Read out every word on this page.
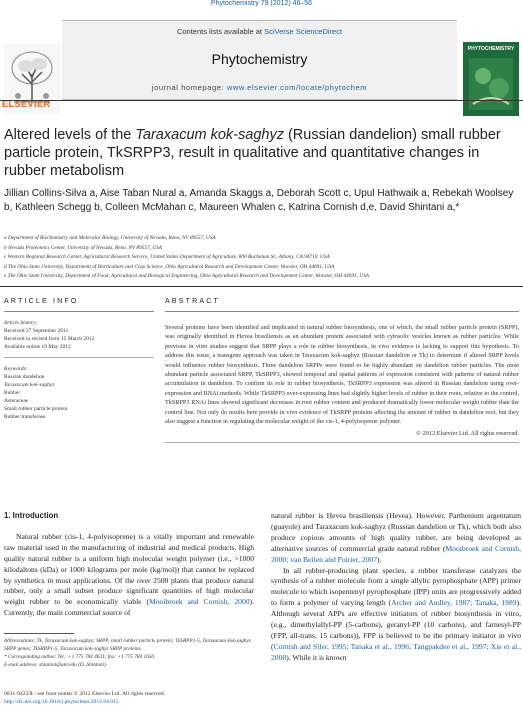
Phytochemistry 79 (2012) 46–56
ELSEVIER
Contents lists available at SciVerse ScienceDirect
Phytochemistry
journal homepage: www.elsevier.com/locate/phytochem
PHYTOCHEMISTRY
Altered levels of the Taraxacum kok-saghyz (Russian dandelion) small rubber particle protein, TkSRPP3, result in qualitative and quantitative changes in rubber metabolism
Jillian Collins-Silva a, Aise Taban Nural a, Amanda Skaggs a, Deborah Scott c, Upul Hathwaik a, Rebekah Woolsey b, Kathleen Schegg b, Colleen McMahan c, Maureen Whalen c, Katrina Cornish d,e, David Shintani a,*
a Department of Biochemistry and Molecular Biology, University of Nevada, Reno, NV 89557, USA
b Nevada Proteomics Center, University of Nevada, Reno, NV 89557, USA
c Western Regional Research Center, Agricultural Research Service, United States Department of Agriculture, 800 Buchanan St., Albany, CA 94710, USA
d The Ohio State University, Department of Horticulture and Crop Science, Ohio Agricultural Research and Development Center, Wooster, OH 44691, USA
e The Ohio State University, Department of Food, Agricultural and Biological Engineering, Ohio Agricultural Research and Development Center, Wooster, OH 44691, USA
ARTICLE INFO
Article history:
Received 27 September 2011
Received in revised form 15 March 2012
Available online 19 May 2012
Keywords:
Russian dandelion
Taraxacum kok-saghyz
Rubber
Asteraceae
Small rubber particle protein
Rubber transferase
ABSTRACT
Several proteins have been identified and implicated in natural rubber biosynthesis, one of which, the small rubber particle protein (SRPP), was originally identified in Hevea brasiliensis as an abundant protein associated with cytosolic vesicles known as rubber particles. While previous in vitro studies suggest that SRPP plays a role in rubber biosynthesis, in vivo evidence is lacking to support this hypothesis. To address this issue, a transgene approach was taken in Taraxacum kok-saghyz (Russian dandelion or Tk) to determine if altered SRPP levels would influence rubber biosynthesis. Three dandelion SRPPs were found to be highly abundant on dandelion rubber particles. The most abundant particle associated SRPP, TkSRPP3, showed temporal and spatial patterns of expression consistent with patterns of natural rubber accumulation in dandelion. To confirm its role in rubber biosynthesis, TkSRPP3 expression was altered in Russian dandelion using over-expression and RNAi methods. While TkSRPP3 over-expressing lines had slightly higher levels of rubber in their roots, relative to the control, TkSRPP3 RNAi lines showed significant decreases in root rubber content and produced dramatically lower molecular weight rubber than the control line. Not only do results here provide in vivo evidence of TkSRPP proteins affecting the amount of rubber in dandelion root, but they also suggest a function in regulating the molecular weight of the cis-1, 4-polyisoprene polymer.
© 2012 Elsevier Ltd. All rights reserved.
1. Introduction

Natural rubber (cis-1, 4-polyisoprene) is a vitally important and renewable raw material used in the manufacturing of industrial and medical products. High quality natural rubber is a uniform high molecular weight polymer (i.e., >1000 kilodaltons (kDa) or 1000 kilograms per mole (kg/mol)) that cannot be replaced by synthetics in most applications. Of the over 2500 plants that produce natural rubber, only a small subset produce significant quantities of high molecular weight rubber to be economically viable (Mooibroek and Cornish, 2000). Currently, the main commercial source of

natural rubber is Hevea brasiliensis (Hevea). However, Parthenium argentatum (guayule) and Taraxacum kok-saghyz (Russian dandelion or Tk), which both also produce copious amounts of high quality rubber, are being developed as alternative sources of commercial grade natural rubber (Mooibroek and Cornish, 2000; van Beilen and Poirier, 2007).

In all rubber-producing plant species, a rubber transferase catalyzes the synthesis of a rubber molecule from a single allylic pyrophosphate (APP) primer molecule to which isopentenyl pyrophosphate (IPP) units are progressively added to form a polymer of varying length (Archer and Audley, 1987; Tanaka, 1989). Although several APPs are effective initiators of rubber biosynthesis in vitro, (e.g., dimethylallyl-PP (5-carbons), geranyl-PP (10 carbons), and farnesyl-PP (FPP, all-trans, 15 carbons)), FPP is believed to be the primary initiator in vivo (Cornish and Siler, 1995; Tanaka et al., 1996; Tangpakdee et al., 1997; Xie et al., 2008). While it is known

Abbreviations: Tk, Taraxacum kok-saghyz; SRPP, small rubber particle protein; TkSRPP1-5, Taraxacum kok-saghyz SRPP genes; TkSRPP1-5, Taraxacum kok-saghyz SRPP proteins.
* Corresponding author. Tel.: +1 775 784 4631; fax: +1 775 784 1650.
E-mail address: shintani@unr.edu (D. Shintani).
0031-9422/$ - see front matter © 2012 Elsevier Ltd. All rights reserved.
http://dx.doi.org/10.1016/j.phytochem.2012.04.015
